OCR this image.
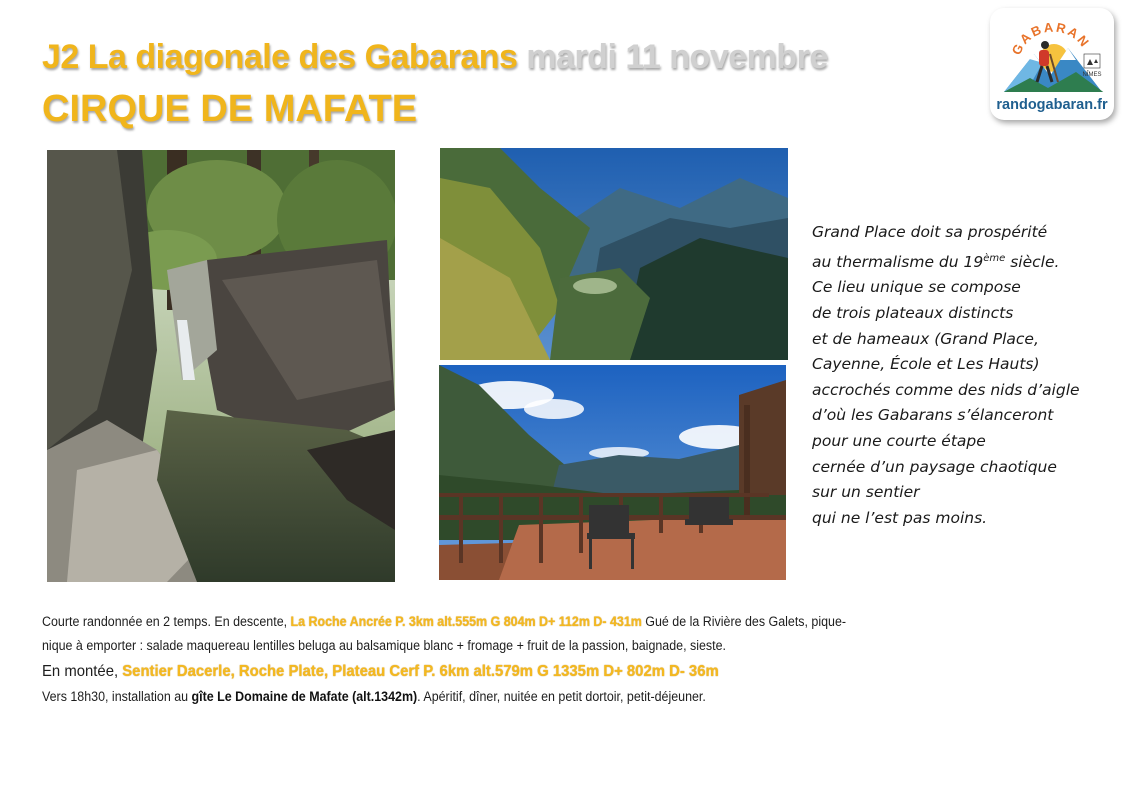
J2 La diagonale des Gabarans mardi 11 novembre
CIRQUE DE MAFATE
GABARAN
NÎMES
randogabaran.fr
Grand Place doit sa prospérité
au thermalisme du 19ème siècle.
Ce lieu unique se compose
de trois plateaux distincts
et de hameaux (Grand Place,
Cayenne, École et Les Hauts)
accrochés comme des nids d’aigle
d’où les Gabarans s’élanceront
pour une courte étape
cernée d’un paysage chaotique
sur un sentier
qui ne l’est pas moins.
Courte randonnée en 2 temps. En descente, La Roche Ancrée P. 3km alt.555m G 804m D+ 112m D- 431m Gué de la Rivière des Galets, pique-
nique à emporter : salade maquereau lentilles beluga au balsamique blanc + fromage + fruit de la passion, baignade, sieste.
En montée, Sentier Dacerle, Roche Plate, Plateau Cerf P. 6km alt.579m G 1335m D+ 802m D- 36m
Vers 18h30, installation au gîte Le Domaine de Mafate (alt.1342m). Apéritif, dîner, nuitée en petit dortoir, petit-déjeuner.
